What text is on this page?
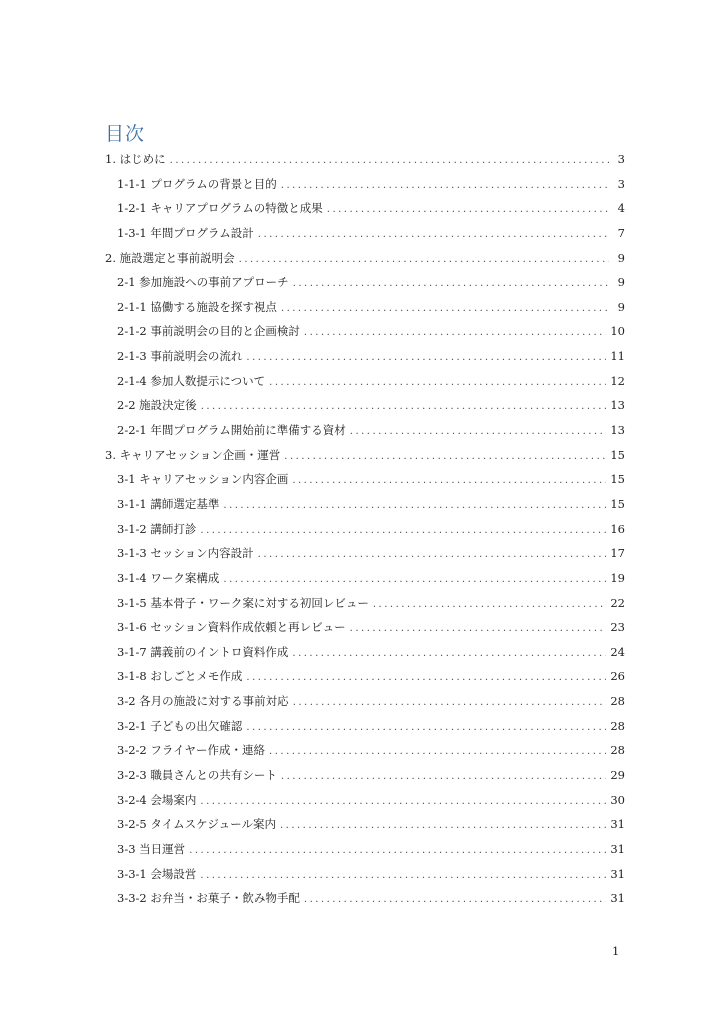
目次
1. はじめに .....	3
1-1-1 プログラムの背景と目的 .....	3
1-2-1 キャリアプログラムの特徴と成果 .....	4
1-3-1 年間プログラム設計 .....	7
2. 施設選定と事前説明会 .....	9
2-1 参加施設への事前アプローチ .....	9
2-1-1 協働する施設を探す視点 .....	9
2-1-2 事前説明会の目的と企画検討 .....	10
2-1-3 事前説明会の流れ .....	11
2-1-4 参加人数提示について .....	12
2-2 施設決定後 .....	13
2-2-1 年間プログラム開始前に準備する資材 .....	13
3. キャリアセッション企画・運営 .....	15
3-1 キャリアセッション内容企画 .....	15
3-1-1 講師選定基準 .....	15
3-1-2 講師打診 .....	16
3-1-3 セッション内容設計 .....	17
3-1-4 ワーク案構成 .....	19
3-1-5 基本骨子・ワーク案に対する初回レビュー .....	22
3-1-6 セッション資料作成依頼と再レビュー .....	23
3-1-7 講義前のイントロ資料作成 .....	24
3-1-8 おしごとメモ作成 .....	26
3-2 各月の施設に対する事前対応 .....	28
3-2-1 子どもの出欠確認 .....	28
3-2-2 フライヤー作成・連絡 .....	28
3-2-3 職員さんとの共有シート .....	29
3-2-4 会場案内 .....	30
3-2-5 タイムスケジュール案内 .....	31
3-3 当日運営 .....	31
3-3-1 会場設営 .....	31
3-3-2 お弁当・お菓子・飲み物手配 .....	31
1
